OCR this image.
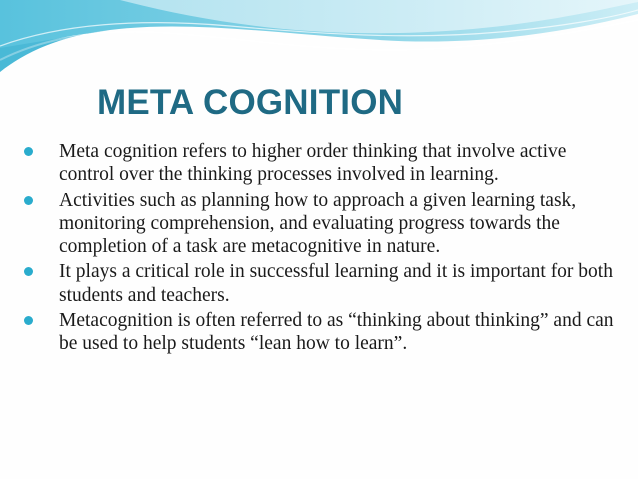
META COGNITION
Meta cognition refers to higher order thinking that involve active control over the thinking processes involved in learning.
Activities such as planning how to approach a given learning task, monitoring comprehension, and evaluating progress towards the completion of a task are metacognitive in nature.
It plays a critical role in successful learning and it is important for both students and teachers.
Metacognition is often referred to as “thinking about thinking” and can be used to help students “lean how to learn”.
